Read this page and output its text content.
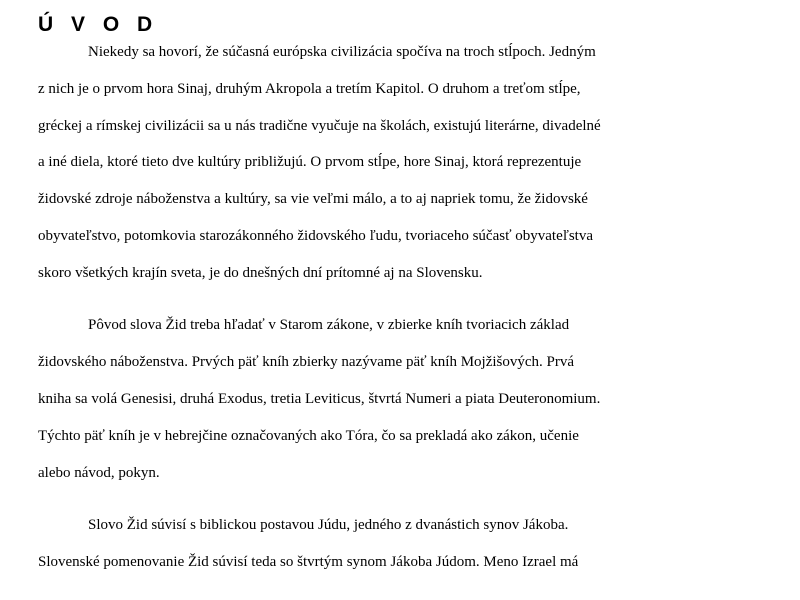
Ú V O D
Niekedy sa hovorí, že súčasná európska civilizácia spočíva na troch stĺpoch. Jedným
z nich je o prvom hora Sinaj, druhým Akropola a tretím Kapitol. O druhom a treťom stĺpe,
gréckej a rímskej civilizácii sa u nás tradične vyučuje na školách, existujú literárne, divadelné
a iné diela, ktoré tieto dve kultúry približujú. O prvom stĺpe, hore Sinaj, ktorá reprezentuje
židovské zdroje náboženstva a kultúry, sa vie veľmi málo, a to aj napriek tomu, že židovské
obyvateľstvo, potomkovia starozákonného židovského ľudu, tvoriaceho súčasť obyvateľstva
skoro všetkých krajín sveta, je do dnešných dní prítomné aj na Slovensku.
Pôvod slova Žid treba hľadať v Starom zákone, v zbierke kníh tvoriacich základ
židovského náboženstva. Prvých päť kníh zbierky nazývame päť kníh Mojžišových. Prvá
kniha sa volá Genesisi, druhá Exodus, tretia Leviticus, štvrtá Numeri a piata Deuteronomium.
Týchto päť kníh je v hebrejčine označovaných ako Tóra, čo sa prekladá ako zákon, učenie
alebo návod, pokyn.
Slovo Žid súvisí s biblickou postavou Júdu, jedného z dvanástich synov Jákoba.
Slovenské pomenovanie Žid súvisí teda so štvrtým synom Jákoba Júdom. Meno Izrael má
